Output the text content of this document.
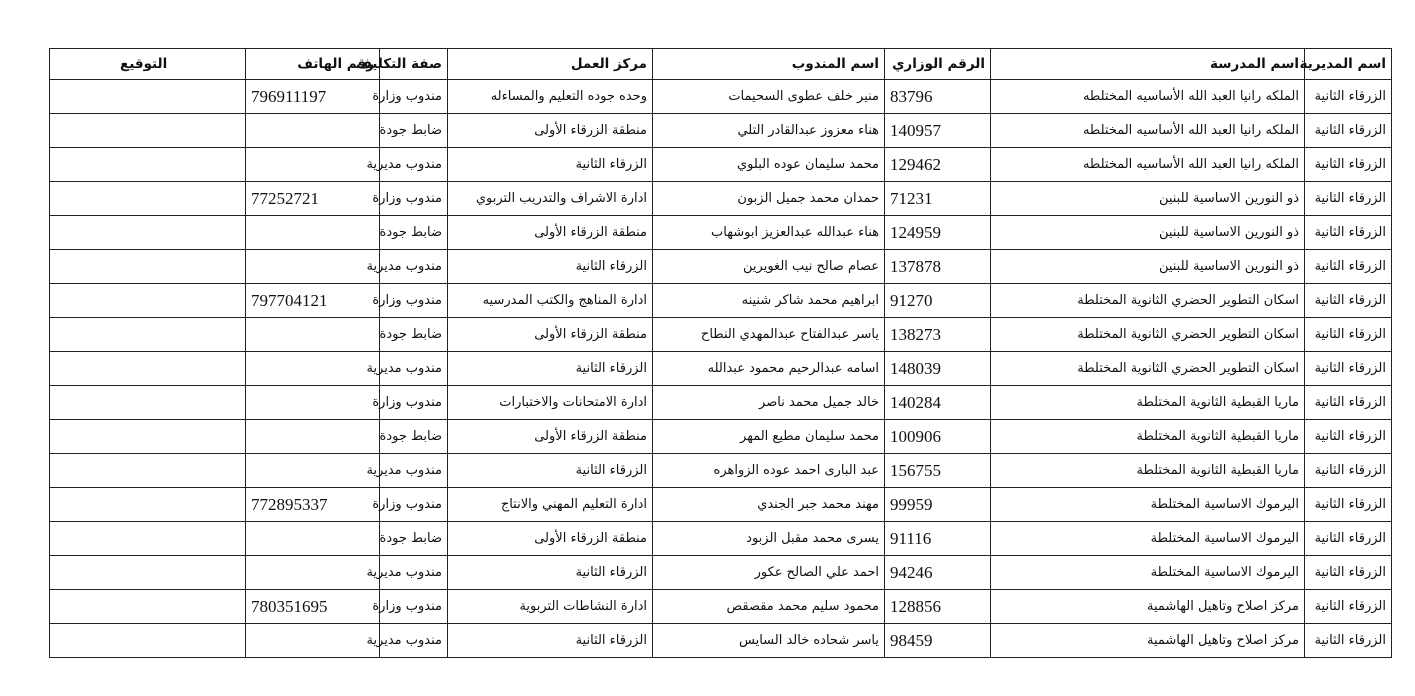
اسم المديرية	اسم المدرسة	الرقم الوزاري	اسم المندوب	مركز العمل	صفة التكليف	رقم الهاتف	التوقيع
الزرقاء الثانية	الملكه رانيا العبد الله الأساسيه المختلطه	83796	منير خلف عطوى السحيمات	وحده جوده التعليم والمساءله	مندوب وزارة	796911197	
الزرقاء الثانية	الملكه رانيا العبد الله الأساسيه المختلطه	140957	هناء معزوز عبدالقادر التلي	منطقة الزرقاء الأولى	ضابط جودة		
الزرقاء الثانية	الملكه رانيا العبد الله الأساسيه المختلطه	129462	محمد سليمان عوده البلوي	الزرقاء الثانية	مندوب مديرية		
الزرقاء الثانية	ذو النورين الاساسية للبنين	71231	حمدان محمد جميل الزبون	ادارة الاشراف والتدريب التربوي	مندوب وزارة	77252721	
الزرقاء الثانية	ذو النورين الاساسية للبنين	124959	هناء عبدالله عبدالعزيز ابوشهاب	منطقة الزرقاء الأولى	ضابط جودة		
الزرقاء الثانية	ذو النورين الاساسية للبنين	137878	عصام صالح نيب الغويرين	الزرقاء الثانية	مندوب مديرية		
الزرقاء الثانية	اسكان التطوير الحضري الثانوية المختلطة	91270	ابراهيم محمد شاكر شنينه	ادارة المناهج والكتب المدرسيه	مندوب وزارة	797704121	
الزرقاء الثانية	اسكان التطوير الحضري الثانوية المختلطة	138273	ياسر عبدالفتاح عبدالمهدي النطاح	منطقة الزرقاء الأولى	ضابط جودة		
الزرقاء الثانية	اسكان التطوير الحضري الثانوية المختلطة	148039	اسامه عبدالرحيم محمود عبدالله	الزرقاء الثانية	مندوب مديرية		
الزرقاء الثانية	ماريا القبطية الثانوية المختلطة	140284	خالد جميل محمد ناصر	ادارة الامتحانات والاختبارات	مندوب وزارة		
الزرقاء الثانية	ماريا القبطية الثانوية المختلطة	100906	محمد سليمان مطيع المهر	منطقة الزرقاء الأولى	ضابط جودة		
الزرقاء الثانية	ماريا القبطية الثانوية المختلطة	156755	عبد البارى احمد عوده الزواهره	الزرقاء الثانية	مندوب مديرية		
الزرقاء الثانية	اليرموك الاساسية المختلطة	99959	مهند محمد جبر الجندي	ادارة التعليم المهني والانتاج	مندوب وزارة	772895337	
الزرقاء الثانية	اليرموك الاساسية المختلطة	91116	يسرى محمد مقبل الزبود	منطقة الزرقاء الأولى	ضابط جودة		
الزرقاء الثانية	اليرموك الاساسية المختلطة	94246	احمد علي الصالح عكور	الزرقاء الثانية	مندوب مديرية		
الزرقاء الثانية	مركز اصلاح وتاهيل الهاشمية	128856	محمود سليم محمد مقصقص	ادارة النشاطات التربوية	مندوب وزارة	780351695	
الزرقاء الثانية	مركز اصلاح وتاهيل الهاشمية	98459	ياسر شحاده خالد السايس	الزرقاء الثانية	مندوب مديرية		
